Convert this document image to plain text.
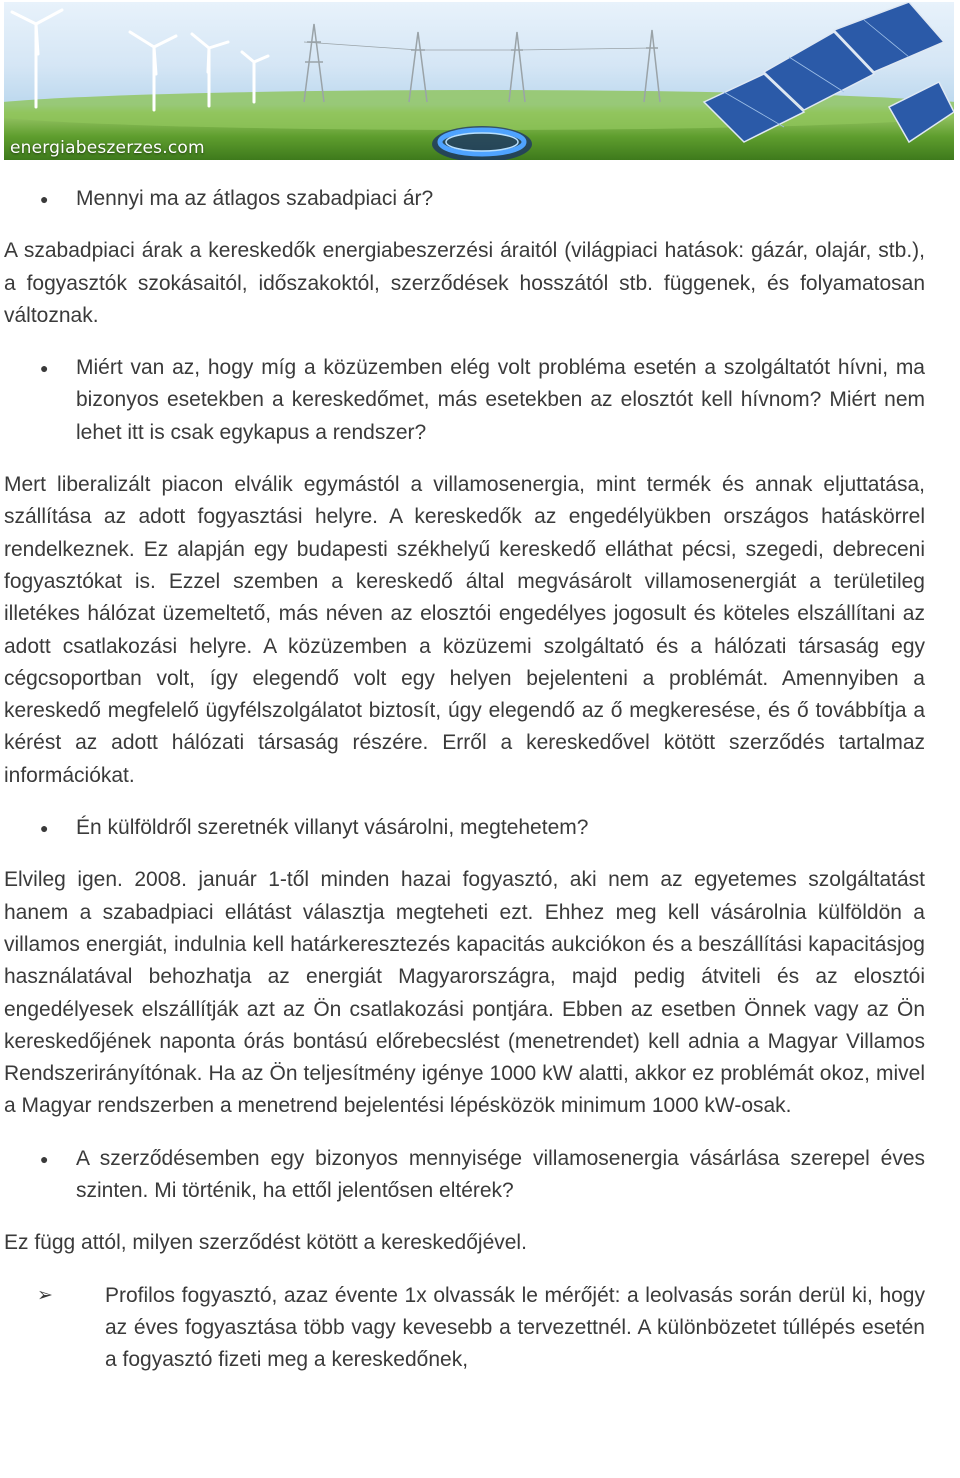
energiabeszerzes.com
● Mennyi ma az átlagos szabadpiaci ár?

A szabadpiaci árak a kereskedők energiabeszerzési áraitól (világpiaci hatások: gázár, olajár, stb.), a fogyasztók szokásaitól, időszakoktól, szerződések hosszától stb. függenek, és folyamatosan változnak.

● Miért van az, hogy míg a közüzemben elég volt probléma esetén a szolgáltatót hívni, ma bizonyos esetekben a kereskedőmet, más esetekben az elosztót kell hívnom? Miért nem lehet itt is csak egykapus a rendszer?

Mert liberalizált piacon elválik egymástól a villamosenergia, mint termék és annak eljuttatása, szállítása az adott fogyasztási helyre. A kereskedők az engedélyükben országos hatáskörrel rendelkeznek. Ez alapján egy budapesti székhelyű kereskedő elláthat pécsi, szegedi, debreceni fogyasztókat is. Ezzel szemben a kereskedő által megvásárolt villamosenergiát a területileg illetékes hálózat üzemeltető, más néven az elosztói engedélyes jogosult és köteles elszállítani az adott csatlakozási helyre. A közüzemben a közüzemi szolgáltató és a hálózati társaság egy cégcsoportban volt, így elegendő volt egy helyen bejelenteni a problémát. Amennyiben a kereskedő megfelelő ügyfélszolgálatot biztosít, úgy elegendő az ő megkeresése, és ő továbbítja a kérést az adott hálózati társaság részére. Erről a kereskedővel kötött szerződés tartalmaz információkat.

● Én külföldről szeretnék villanyt vásárolni, megtehetem?

Elvileg igen. 2008. január 1-től minden hazai fogyasztó, aki nem az egyetemes szolgáltatást hanem a szabadpiaci ellátást választja megteheti ezt. Ehhez meg kell vásárolnia külföldön a villamos energiát, indulnia kell határkeresztezés kapacitás aukciókon és a beszállítási kapacitásjog használatával behozhatja az energiát Magyarországra, majd pedig átviteli és az elosztói engedélyesek elszállítják azt az Ön csatlakozási pontjára. Ebben az esetben Önnek vagy az Ön kereskedőjének naponta órás bontású előrebecslést (menetrendet) kell adnia a Magyar Villamos Rendszerirányítónak. Ha az Ön teljesítmény igénye 1000 kW alatti, akkor ez problémát okoz, mivel a Magyar rendszerben a menetrend bejelentési lépésközök minimum 1000 kW-osak.

● A szerződésemben egy bizonyos mennyisége villamosenergia vásárlása szerepel éves szinten. Mi történik, ha ettől jelentősen eltérek?

Ez függ attól, milyen szerződést kötött a kereskedőjével.

➢ Profilos fogyasztó, azaz évente 1x olvassák le mérőjét: a leolvasás során derül ki, hogy az éves fogyasztása több vagy kevesebb a tervezettnél. A különbözetet túllépés esetén a fogyasztó fizeti meg a kereskedőnek,
